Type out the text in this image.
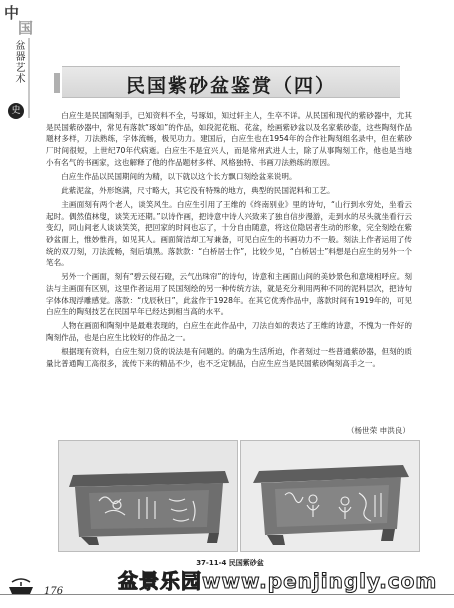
中
国
盆器艺术
史
民国紫砂盆鉴赏（四）

白应生是民国陶刻手，已知资料不全，号琢如，知过轩主人，生卒不详。从民国和现代的紫砂器中，尤其是民国紫砂器中，常见有落款“琢如”的作品，如段泥花瓶、花盆，绘画紫砂盆以及名家紫砂壶，这些陶刻作品题材多样，刀法熟练，字体流畅，极见功力。建国后，白应生也在1954年的合作社陶刻组名录中，但在紫砂厂时间很短，上世纪70年代病逝。白应生不是宜兴人，而是常州武进人士，除了从事陶刻工作，他也是当地小有名气的书画家，这也解释了他的作品题材多样、风格独特、书画刀法熟练的原因。

白应生作品以民国期间的为精，以下就以这个长方飘口刻绘盆来说明。

此紫泥盆，外形饱满，尺寸略大，其它没有特殊的地方，典型的民国泥料和工艺。

主画面刻有两个老人，谈笑风生。白应生引用了王维的《终南别业》里的诗句，“山行到水穷处，坐看云起时。偶然值林叟，谈笑无还期。”以诗作画，把诗意中诗人兴致来了独自信步漫游，走到水的尽头就坐看行云变幻，同山间老人谈谈笑笑，把回家的时间也忘了，十分自由随意，将这位隐居者生动的形象，完全刻绘在紫砂盆面上，惟妙惟肖，如见其人。画面简洁却工写兼备，可见白应生的书画功力不一般。刻法上作者运用了传统的双刀刻，刀法流畅，刻后填黑。落款款：“白桥居士作”，比较少见，“白桥居士”料想是白应生的另外一个笔名。

另外一个画面，刻有“碧云侵石磴，云气出珠帘”的诗句，诗意和主画面山间的美妙景色和意境相呼应。刻法与主画面有区别，这里作者运用了民国刻绘的另一种传统方法，就是充分利用两种不同的泥料层次，把诗句字体体现浮雕感觉。落款：“戊辰秋日”，此盆作于1928年。在其它优秀作品中，落款时间有1919年的，可见白应生的陶刻技艺在民国早年已经达到相当高的水平。

人物在画面和陶刻中是最难表现的，白应生在此作品中，刀法自如的表达了王维的诗意，不愧为一件好的陶刻作品，也是白应生比较好的作品之一。

根据现有资料，白应生刻刀货的说法是有问题的。的确为生活所迫，作者刻过一些普通紫砂器，但刻的质量比普通陶工高很多，流传下来的精品不少，也不乏定制品，白应生应当是民国紫砂陶刻高手之一。

（杨世荣 申洪良）
37-11-4 民国紫砂盆
176	盆景乐园www.penjingly.com
